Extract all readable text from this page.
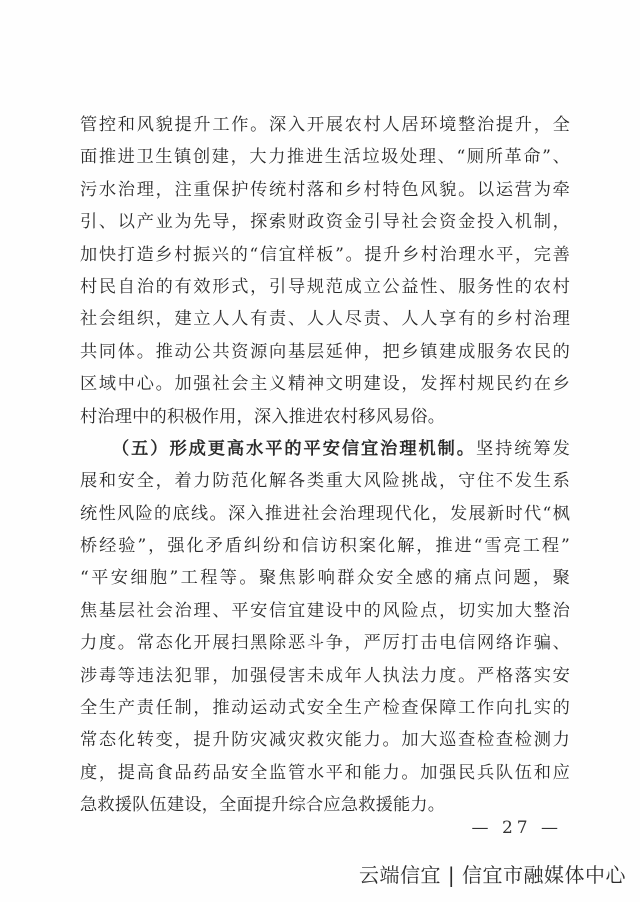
管控和风貌提升工作。深入开展农村人居环境整治提升，全
面推进卫生镇创建，大力推进生活垃圾处理、“厕所革命”、
污水治理，注重保护传统村落和乡村特色风貌。以运营为牵
引、以产业为先导，探索财政资金引导社会资金投入机制，
加快打造乡村振兴的“信宜样板”。提升乡村治理水平，完善
村民自治的有效形式，引导规范成立公益性、服务性的农村
社会组织，建立人人有责、人人尽责、人人享有的乡村治理
共同体。推动公共资源向基层延伸，把乡镇建成服务农民的
区域中心。加强社会主义精神文明建设，发挥村规民约在乡
村治理中的积极作用，深入推进农村移风易俗。
（五）形成更高水平的平安信宜治理机制。坚持统筹发
展和安全，着力防范化解各类重大风险挑战，守住不发生系
统性风险的底线。深入推进社会治理现代化，发展新时代“枫
桥经验”，强化矛盾纠纷和信访积案化解，推进“雪亮工程”
“平安细胞”工程等。聚焦影响群众安全感的痛点问题，聚
焦基层社会治理、平安信宜建设中的风险点，切实加大整治
力度。常态化开展扫黑除恶斗争，严厉打击电信网络诈骗、
涉毒等违法犯罪，加强侵害未成年人执法力度。严格落实安
全生产责任制，推动运动式安全生产检查保障工作向扎实的
常态化转变，提升防灾减灾救灾能力。加大巡查检查检测力
度，提高食品药品安全监管水平和能力。加强民兵队伍和应
急救援队伍建设，全面提升综合应急救援能力。
— 27 —
云端信宜 | 信宜市融媒体中心
